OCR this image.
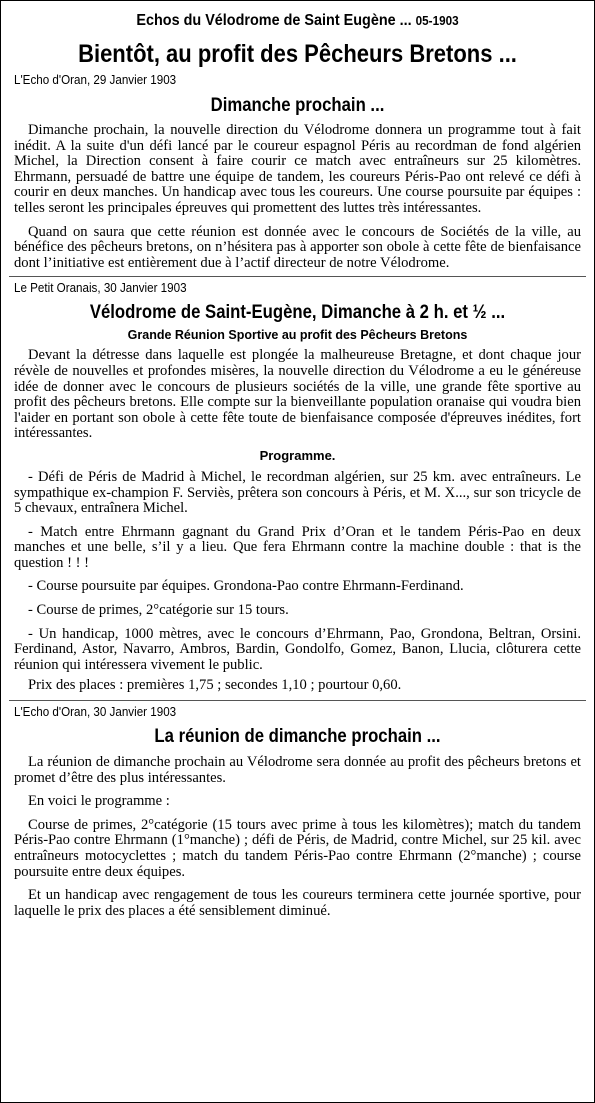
Echos du Vélodrome de Saint Eugène ... 05-1903
Bientôt, au profit des Pêcheurs Bretons ...
L'Echo d'Oran, 29 Janvier 1903
Dimanche prochain ...

Dimanche prochain, la nouvelle direction du Vélodrome donnera un programme tout à fait inédit. A la suite d'un défi lancé par le coureur espagnol Péris au recordman de fond algérien Michel, la Direction consent à faire courir ce match avec entraîneurs sur 25 kilomètres. Ehrmann, persuadé de battre une équipe de tandem, les coureurs Péris-Pao ont relevé ce défi à courir en deux manches. Un handicap avec tous les coureurs. Une course poursuite par équipes : telles seront les principales épreuves qui promettent des luttes très intéressantes.

Quand on saura que cette réunion est donnée avec le concours de Sociétés de la ville, au bénéfice des pêcheurs bretons, on n’hésitera pas à apporter son obole à cette fête de bienfaisance dont l’initiative est entièrement due à l’actif directeur de notre Vélodrome.

Le Petit Oranais, 30 Janvier 1903
Vélodrome de Saint-Eugène, Dimanche à 2 h. et ½ ...
Grande Réunion Sportive au profit des Pêcheurs Bretons

Devant la détresse dans laquelle est plongée la malheureuse Bretagne, et dont chaque jour révèle de nouvelles et profondes misères, la nouvelle direction du Vélodrome a eu le généreuse idée de donner avec le concours de plusieurs sociétés de la ville, une grande fête sportive au profit des pêcheurs bretons. Elle compte sur la bienveillante population oranaise qui voudra bien l'aider en portant son obole à cette fête toute de bienfaisance composée d'épreuves inédites, fort intéressantes.

Programme.

- Défi de Péris de Madrid à Michel, le recordman algérien, sur 25 km. avec entraîneurs. Le sympathique ex-champion F. Serviès, prêtera son concours à Péris, et M. X..., sur son tricycle de 5 chevaux, entraînera Michel.

- Match entre Ehrmann gagnant du Grand Prix d’Oran et le tandem Péris-Pao en deux manches et une belle, s’il y a lieu. Que fera Ehrmann contre la machine double : that is the question ! ! !

- Course poursuite par équipes. Grondona-Pao contre Ehrmann-Ferdinand.

- Course de primes, 2°catégorie sur 15 tours.

- Un handicap, 1000 mètres, avec le concours d’Ehrmann, Pao, Grondona, Beltran, Orsini. Ferdinand, Astor, Navarro, Ambros, Bardin, Gondolfo, Gomez, Banon, Llucia, clôturera cette réunion qui intéressera vivement le public.

Prix des places : premières 1,75 ; secondes 1,10 ; pourtour 0,60.

L'Echo d'Oran, 30 Janvier 1903
La réunion de dimanche prochain ...

La réunion de dimanche prochain au Vélodrome sera donnée au profit des pêcheurs bretons et promet d’être des plus intéressantes.

En voici le programme :

Course de primes, 2°catégorie (15 tours avec prime à tous les kilomètres); match du tandem Péris-Pao contre Ehrmann (1°manche) ; défi de Péris, de Madrid, contre Michel, sur 25 kil. avec entraîneurs motocyclettes ; match du tandem Péris-Pao contre Ehrmann (2°manche) ; course poursuite entre deux équipes.

Et un handicap avec rengagement de tous les coureurs terminera cette journée sportive, pour laquelle le prix des places a été sensiblement diminué.
